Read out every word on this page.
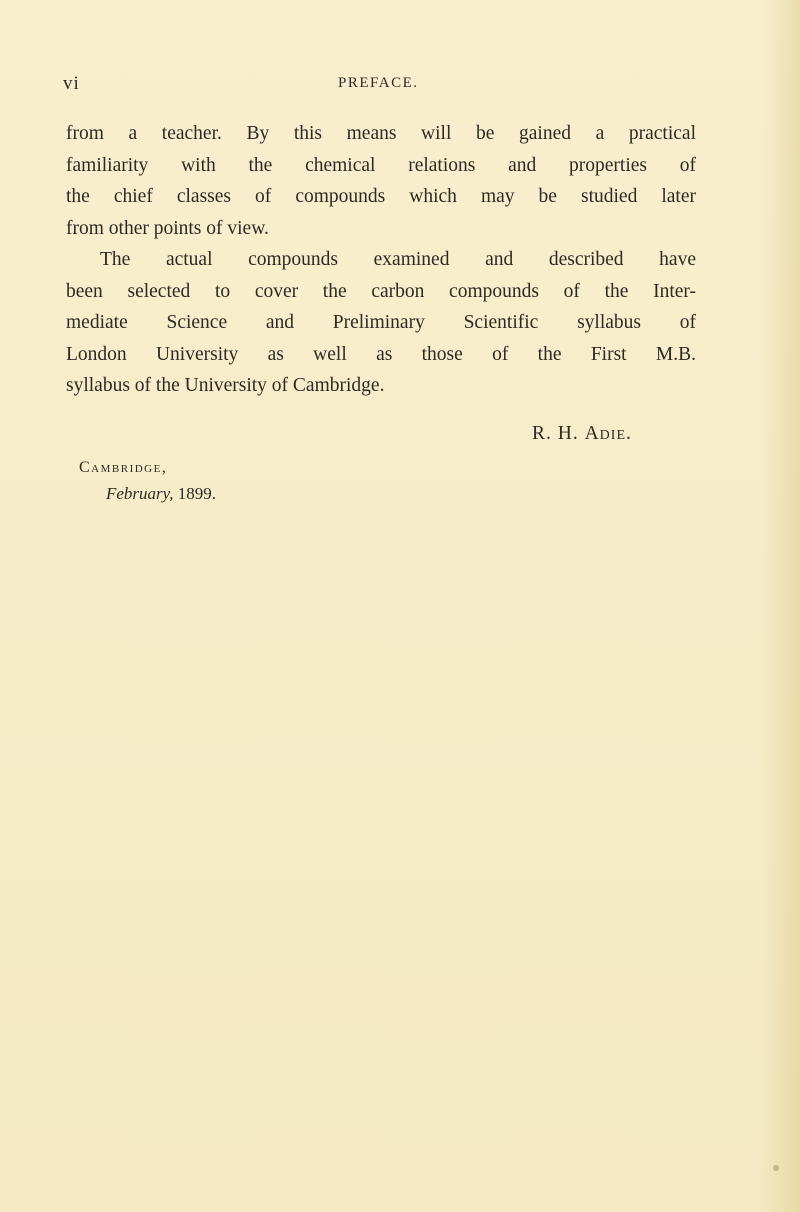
vi	PREFACE.
from a teacher. By this means will be gained a practical
familiarity with the chemical relations and properties of
the chief classes of compounds which may be studied later
from other points of view.
The actual compounds examined and described have
been selected to cover the carbon compounds of the Inter-
mediate Science and Preliminary Scientific syllabus of
London University as well as those of the First M.B.
syllabus of the University of Cambridge.
R. H. Adie.
Cambridge,
February, 1899.
